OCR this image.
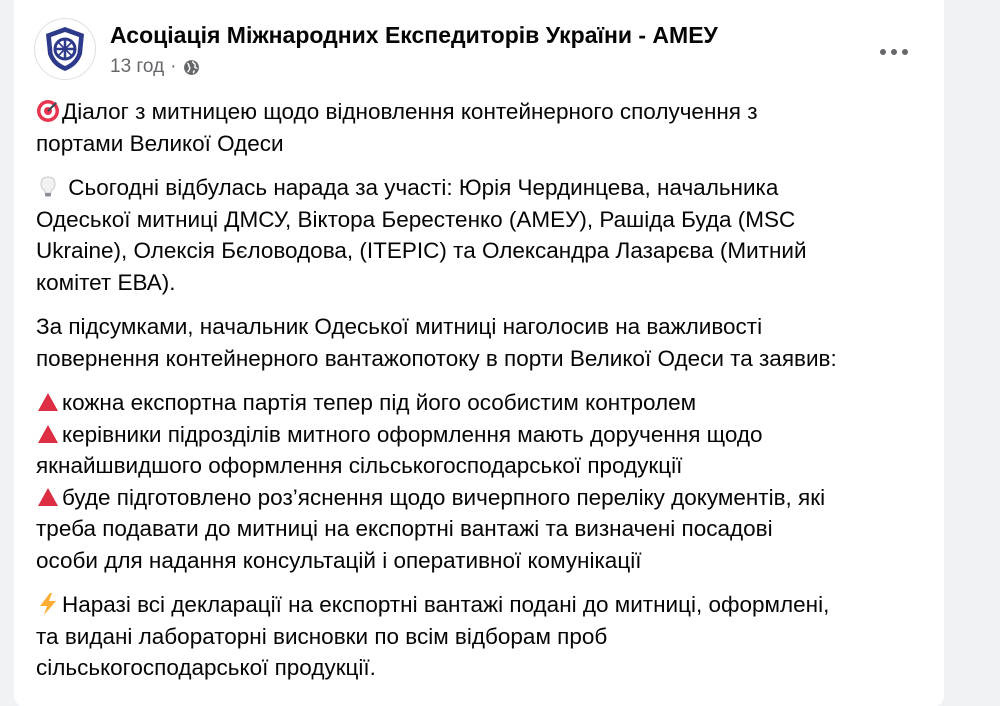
Асоціація Міжнародних Експедиторів України - АМЕУ
13 год ·
Діалог з митницею щодо відновлення контейнерного сполучення з
портами Великої Одеси
Сьогодні відбулась нарада за участі: Юрія Чердинцева, начальника
Одеської митниці ДМСУ, Віктора Берестенко (АМЕУ), Рашіда Буда (MSC
Ukraine), Олексія Бєловодова, (ITEPIC) та Олександра Лазарєва (Митний
комітет ЕВА).
За підсумками, начальник Одеської митниці наголосив на важливості
повернення контейнерного вантажопотоку в порти Великої Одеси та заявив:
кожна експортна партія тепер під його особистим контролем
керівники підрозділів митного оформлення мають доручення щодо
якнайшвидшого оформлення сільськогосподарської продукції
буде підготовлено роз’яснення щодо вичерпного переліку документів, які
треба подавати до митниці на експортні вантажі та визначені посадові
особи для надання консультацій і оперативної комунікації
Наразі всі декларації на експортні вантажі подані до митниці, оформлені,
та видані лабораторні висновки по всім відборам проб
сільськогосподарської продукції.
